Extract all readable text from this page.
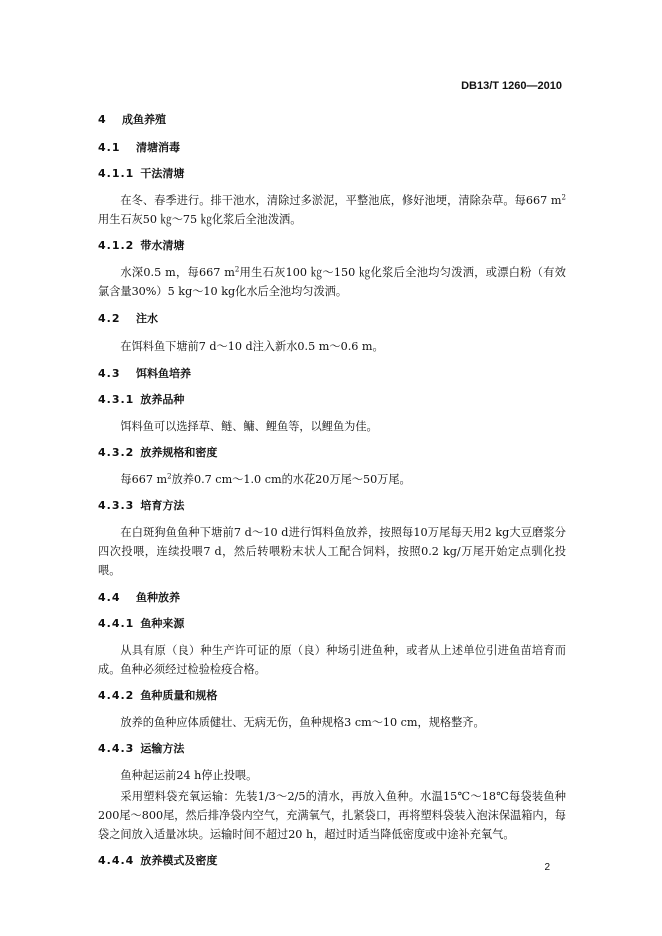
DB13/T 1260—2010
4 成鱼养殖
4.1 清塘消毒
4.1.1 干法清塘

在冬、春季进行。排干池水，清除过多淤泥，平整池底，修好池埂，清除杂草。每667 $m^2$用生石灰50 ㎏～75 ㎏化浆后全池泼洒。

4.1.2 带水清塘

水深0.5 m，每667 $m^2$用生石灰100 ㎏～150 ㎏化浆后全池均匀泼洒，或漂白粉（有效氯含量30%）5 kg～10 kg化水后全池均匀泼洒。

4.2 注水

在饵料鱼下塘前7 d～10 d注入新水0.5 m～0.6 m。

4.3 饵料鱼培养
4.3.1 放养品种

饵料鱼可以选择草、鲢、鳙、鲤鱼等，以鲤鱼为佳。

4.3.2 放养规格和密度

每667 $m^2$放养0.7 cm～1.0 cm的水花20万尾～50万尾。

4.3.3 培育方法

在白斑狗鱼鱼种下塘前7 d～10 d进行饵料鱼放养，按照每10万尾每天用2 kg大豆磨浆分四次投喂，连续投喂7 d，然后转喂粉末状人工配合饲料，按照0.2 kg/万尾开始定点驯化投喂。

4.4 鱼种放养
4.4.1 鱼种来源

从具有原（良）种生产许可证的原（良）种场引进鱼种，或者从上述单位引进鱼苗培育而成。鱼种必须经过检验检疫合格。

4.4.2 鱼种质量和规格

放养的鱼种应体质健壮、无病无伤，鱼种规格3 cm～10 cm，规格整齐。

4.4.3 运输方法

鱼种起运前24 h停止投喂。

采用塑料袋充氧运输：先装1/3～2/5的清水，再放入鱼种。水温15℃～18℃每袋装鱼种200尾～800尾，然后排净袋内空气，充满氧气，扎紧袋口，再将塑料袋装入泡沫保温箱内，每袋之间放入适量冰块。运输时间不超过20 h，超过时适当降低密度或中途补充氧气。

4.4.4 放养模式及密度
2
